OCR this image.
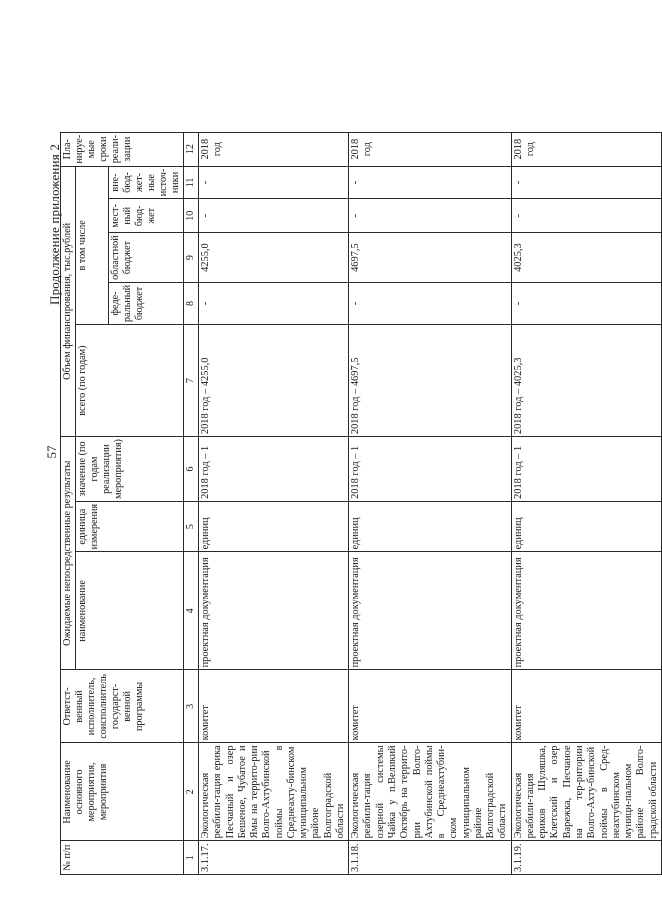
57
Продолжение приложения 2
№ п/п	Наименование основного мероприятия, мероприятия	Ответст-венный исполнитель, соисполнитель государст-венной программы	Ожидаемые непосредственные результаты			Объем финансирования, тыс.рублей					Пла-нируе-мые сроки реали-зации
			наименование	единица измерения	значение (по годам реализации мероприятия)	всего (по годам)	в том числе				
							феде-ральный бюджет	областной бюджет	мест-ный бюд-жет	вне-бюд-жет-ные источ-ники	
1	2	3	4	5	6	7	8	9	10	11	12
3.1.17.	Экологическая реабили-тация ерика Песчаный и озер Бешеное, Чубатое и Ямы на террито-рии Волго-Ахтубинской поймы в Среднеахту-бинском муниципальном районе Волгоградской области	комитет	проектная документация	единиц	2018 год – 1	2018 год – 4255,0	-	4255,0	-	-	2018 год
3.1.18.	Экологическая реабили-тация озерной системы Чайка у п.Великий Октябрь на террито-рии Волго-Ахтубинской поймы в Среднеахтубин-ском муниципальном районе Волгоградской области	комитет	проектная документация	единиц	2018 год – 1	2018 год – 4697,5	-	4697,5	-	-	2018 год
3.1.19.	Экологическая реабили-тация ериков Шуляшка, Клетский и озер Варежка, Песчаное на тер-ритории Волго-Ахту-бинской поймы в Сред-неахтубинском муници-пальном районе Волго-градской области	комитет	проектная документация	единиц	2018 год – 1	2018 год – 4025,3	-	4025,3	-	-	2018 год
